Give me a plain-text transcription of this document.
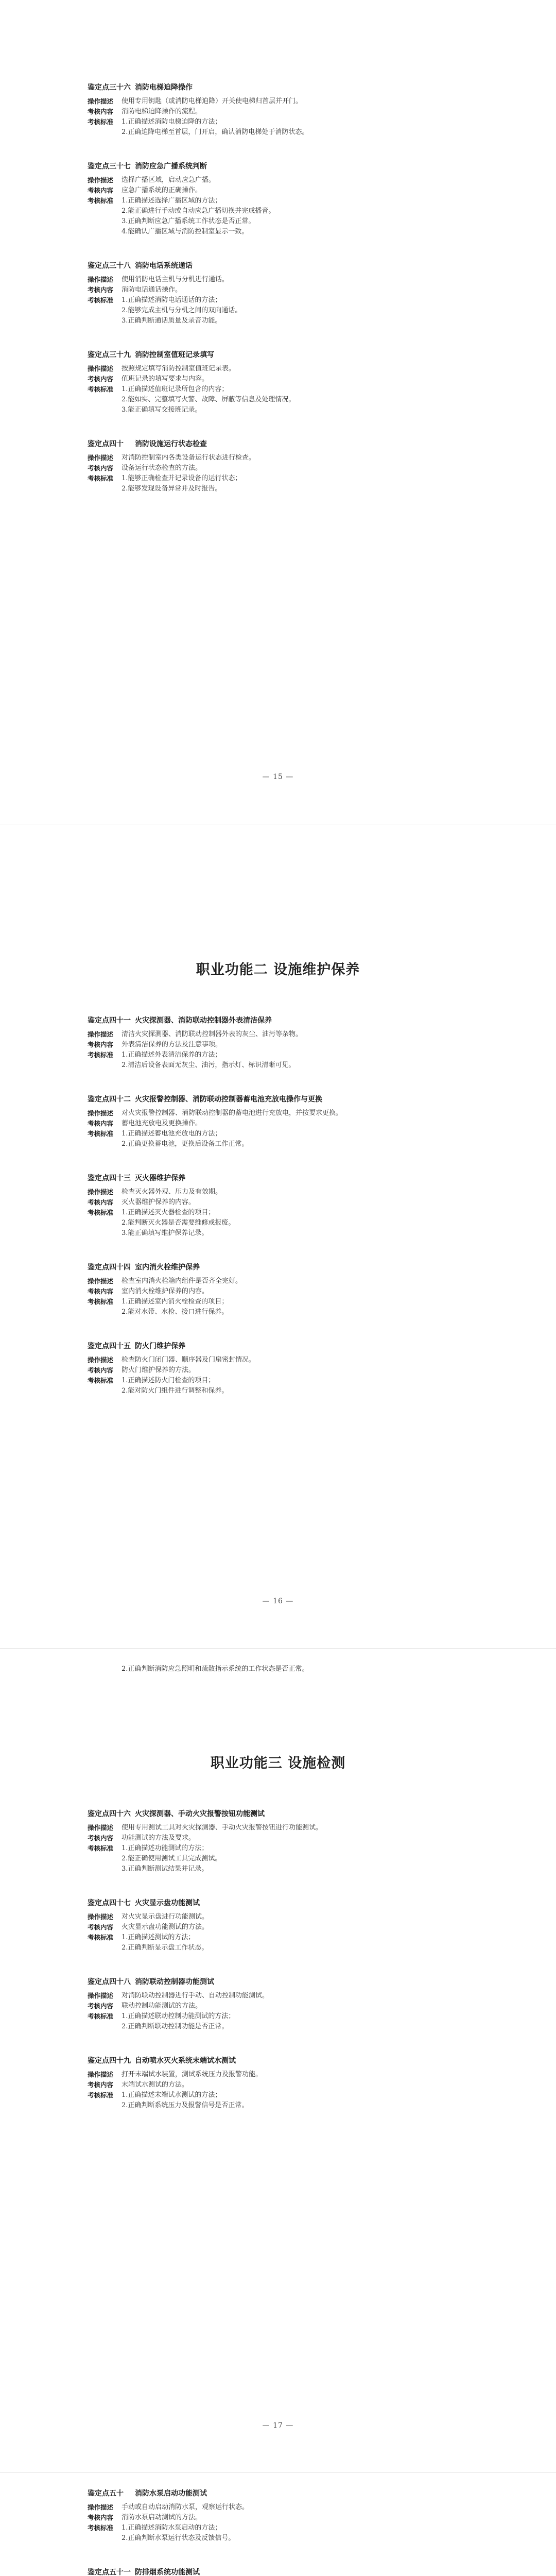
鉴定点三十六 消防电梯迫降操作
操作描述	使用专用钥匙（或消防电梯迫降）开关使电梯归首层并开门。
考核内容	消防电梯迫降操作的流程。
考核标准	1.正确描述消防电梯迫降的方法；
2.正确迫降电梯至首层，门开启，确认消防电梯处于消防状态。
鉴定点三十七 消防应急广播系统判断
操作描述	选择广播区域，启动应急广播。
考核内容	应急广播系统的正确操作。
考核标准	1.正确描述选择广播区域的方法；
2.能正确进行手动或自动应急广播切换并完成播音。
3.正确判断应急广播系统工作状态是否正常。
4.能确认广播区域与消防控制室显示一致。
鉴定点三十八 消防电话系统通话
操作描述	使用消防电话主机与分机进行通话。
考核内容	消防电话通话操作。
考核标准	1.正确描述消防电话通话的方法；
2.能够完成主机与分机之间的双向通话。
3.正确判断通话质量及录音功能。
鉴定点三十九 消防控制室值班记录填写
操作描述	按照规定填写消防控制室值班记录表。
考核内容	值班记录的填写要求与内容。
考核标准	1.正确描述值班记录所包含的内容；
2.能如实、完整填写火警、故障、屏蔽等信息及处理情况。
3.能正确填写交接班记录。
鉴定点四十 消防设施运行状态检查
操作描述	对消防控制室内各类设备运行状态进行检查。
考核内容	设备运行状态检查的方法。
考核标准	1.能够正确检查并记录设备的运行状态；
2.能够发现设备异常并及时报告。
— 15 —
职业功能二 设施维护保养
鉴定点四十一 火灾探测器、消防联动控制器外表清洁保养
操作描述	清洁火灾探测器、消防联动控制器外表的灰尘、油污等杂物。
考核内容	外表清洁保养的方法及注意事项。
考核标准	1.正确描述外表清洁保养的方法；
2.清洁后设备表面无灰尘、油污，指示灯、标识清晰可见。
鉴定点四十二 火灾报警控制器、消防联动控制器蓄电池充放电操作与更换
操作描述	对火灾报警控制器、消防联动控制器的蓄电池进行充放电，并按要求更换。
考核内容	蓄电池充放电及更换操作。
考核标准	1.正确描述蓄电池充放电的方法；
2.正确更换蓄电池，更换后设备工作正常。
鉴定点四十三 灭火器维护保养
操作描述	检查灭火器外观、压力及有效期。
考核内容	灭火器维护保养的内容。
考核标准	1.正确描述灭火器检查的项目；
2.能判断灭火器是否需要维修或报废。
3.能正确填写维护保养记录。
鉴定点四十四 室内消火栓维护保养
操作描述	检查室内消火栓箱内组件是否齐全完好。
考核内容	室内消火栓维护保养的内容。
考核标准	1.正确描述室内消火栓检查的项目；
2.能对水带、水枪、接口进行保养。
鉴定点四十五 防火门维护保养
操作描述	检查防火门闭门器、顺序器及门扇密封情况。
考核内容	防火门维护保养的方法。
考核标准	1.正确描述防火门检查的项目；
2.能对防火门组件进行调整和保养。
— 16 —
2.正确判断消防应急照明和疏散指示系统的工作状态是否正常。
职业功能三 设施检测
鉴定点四十六 火灾探测器、手动火灾报警按钮功能测试
操作描述	使用专用测试工具对火灾探测器、手动火灾报警按钮进行功能测试。
考核内容	功能测试的方法及要求。
考核标准	1.正确描述功能测试的方法；
2.能正确使用测试工具完成测试。
3.正确判断测试结果并记录。
鉴定点四十七 火灾显示盘功能测试
操作描述	对火灾显示盘进行功能测试。
考核内容	火灾显示盘功能测试的方法。
考核标准	1.正确描述测试的方法；
2.正确判断显示盘工作状态。
鉴定点四十八 消防联动控制器功能测试
操作描述	对消防联动控制器进行手动、自动控制功能测试。
考核内容	联动控制功能测试的方法。
考核标准	1.正确描述联动控制功能测试的方法；
2.正确判断联动控制功能是否正常。
鉴定点四十九 自动喷水灭火系统末端试水测试
操作描述	打开末端试水装置，测试系统压力及报警功能。
考核内容	末端试水测试的方法。
考核标准	1.正确描述末端试水测试的方法；
2.正确判断系统压力及报警信号是否正常。
— 17 —
鉴定点五十 消防水泵启动功能测试
操作描述	手动或自动启动消防水泵，观察运行状态。
考核内容	消防水泵启动测试的方法。
考核标准	1.正确描述消防水泵启动的方法；
2.正确判断水泵运行状态及反馈信号。
鉴定点五十一 防排烟系统功能测试
